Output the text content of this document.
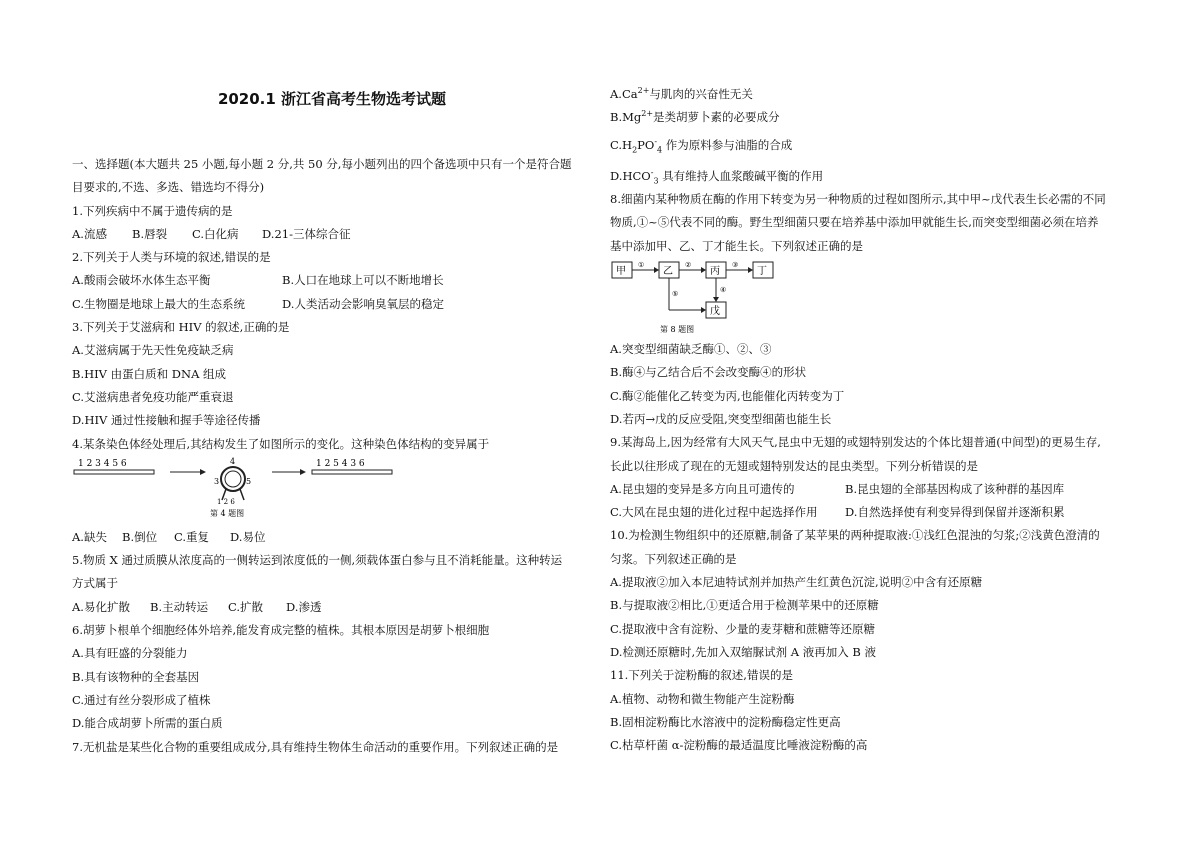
2020.1 浙江省高考生物选考试题
一、选择题(本大题共 25 小题,每小题 2 分,共 50 分,每小题列出的四个备选项中只有一个是符合题
目要求的,不选、多选、错选均不得分)
1.下列疾病中不属于遗传病的是
A.流感 B.唇裂 C.白化病 D.21-三体综合征
2.下列关于人类与环境的叙述,错误的是
A.酸雨会破坏水体生态平衡	B.人口在地球上可以不断地增长
C.生物圈是地球上最大的生态系统	D.人类活动会影响臭氧层的稳定
3.下列关于艾滋病和 HIV 的叙述,正确的是
A.艾滋病属于先天性免疫缺乏病
B.HIV 由蛋白质和 DNA 组成
C.艾滋病患者免疫功能严重衰退
D.HIV 通过性接触和握手等途径传播
4.某条染色体经处理后,其结构发生了如图所示的变化。这种染色体结构的变异属于
1 2 3 4 5 6	4
3	5
1 2 6
第 4 题图
1 2 5 4 3 6
A.缺失 B.倒位 C.重复 D.易位
5.物质 X 通过质膜从浓度高的一侧转运到浓度低的一侧,须载体蛋白参与且不消耗能量。这种转运
方式属于
A.易化扩散 B.主动转运 C.扩散 D.渗透
6.胡萝卜根单个细胞经体外培养,能发育成完整的植株。其根本原因是胡萝卜根细胞
A.具有旺盛的分裂能力
B.具有该物种的全套基因
C.通过有丝分裂形成了植株
D.能合成胡萝卜所需的蛋白质
7.无机盐是某些化合物的重要组成成分,具有维持生物体生命活动的重要作用。下列叙述正确的是
$A.Ca^{2+}$与肌肉的兴奋性无关
$B.Mg^{2+}$是类胡萝卜素的必要成分
$C.H_2PO^-_4$ 作为原料参与油脂的合成
$D.HCO^-_3$ 具有维持人血浆酸碱平衡的作用
8.细菌内某种物质在酶的作用下转变为另一种物质的过程如图所示,其中甲~戊代表生长必需的不同
物质,①~⑤代表不同的酶。野生型细菌只要在培养基中添加甲就能生长,而突变型细菌必须在培养
基中添加甲、乙、丁才能生长。下列叙述正确的是
甲
①
乙
②
丙
③
丁
⑤	④
戊
第 8 题图
A.突变型细菌缺乏酶①、②、③
B.酶④与乙结合后不会改变酶④的形状
C.酶②能催化乙转变为丙,也能催化丙转变为丁
D.若丙→戊的反应受阻,突变型细菌也能生长
9.某海岛上,因为经常有大风天气,昆虫中无翅的或翅特别发达的个体比翅普通(中间型)的更易生存,
长此以往形成了现在的无翅或翅特别发达的昆虫类型。下列分析错误的是
A.昆虫翅的变异是多方向且可遗传的	B.昆虫翅的全部基因构成了该种群的基因库
C.大风在昆虫翅的进化过程中起选择作用 D.自然选择使有利变异得到保留并逐渐积累
10.为检测生物组织中的还原糖,制备了某苹果的两种提取液:①浅红色混浊的匀浆;②浅黄色澄清的
匀浆。下列叙述正确的是
A.提取液②加入本尼迪特试剂并加热产生红黄色沉淀,说明②中含有还原糖
B.与提取液②相比,①更适合用于检测苹果中的还原糖
C.提取液中含有淀粉、少量的麦芽糖和蔗糖等还原糖
D.检测还原糖时,先加入双缩脲试剂 A 液再加入 B 液
11.下列关于淀粉酶的叙述,错误的是
A.植物、动物和微生物能产生淀粉酶
B.固相淀粉酶比水溶液中的淀粉酶稳定性更高
C.枯草杆菌 α-淀粉酶的最适温度比唾液淀粉酶的高
